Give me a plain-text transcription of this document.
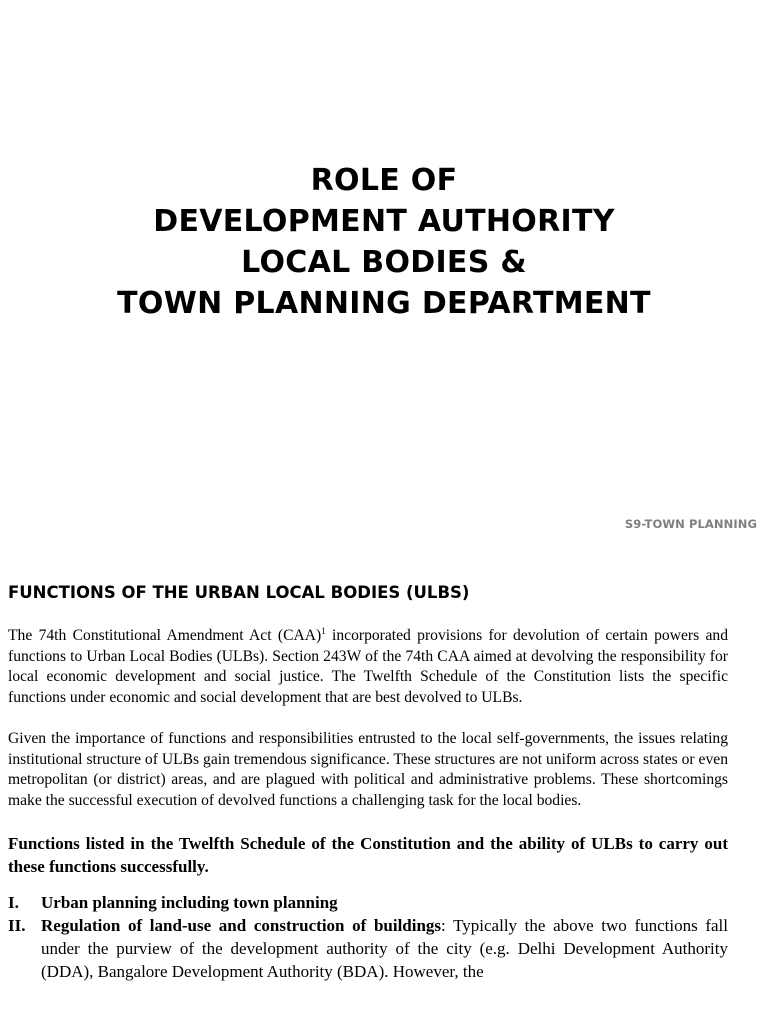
ROLE OF
DEVELOPMENT AUTHORITY
LOCAL BODIES &
TOWN PLANNING DEPARTMENT
S9-TOWN PLANNING
FUNCTIONS OF THE URBAN LOCAL BODIES (ULBS)

The 74th Constitutional Amendment Act (CAA)$^1$ incorporated provisions for devolution of certain powers and functions to Urban Local Bodies (ULBs). Section 243W of the 74th CAA aimed at devolving the responsibility for local economic development and social justice. The Twelfth Schedule of the Constitution lists the specific functions under economic and social development that are best devolved to ULBs.

Given the importance of functions and responsibilities entrusted to the local self-governments, the issues relating institutional structure of ULBs gain tremendous significance. These structures are not uniform across states or even metropolitan (or district) areas, and are plagued with political and administrative problems. These shortcomings make the successful execution of devolved functions a challenging task for the local bodies.

Functions listed in the Twelfth Schedule of the Constitution and the ability of ULBs to carry out these functions successfully.

I. Urban planning including town planning
II. Regulation of land-use and construction of buildings: Typically the above two functions fall under the purview of the development authority of the city (e.g. Delhi Development Authority (DDA), Bangalore Development Authority (BDA). However, the
